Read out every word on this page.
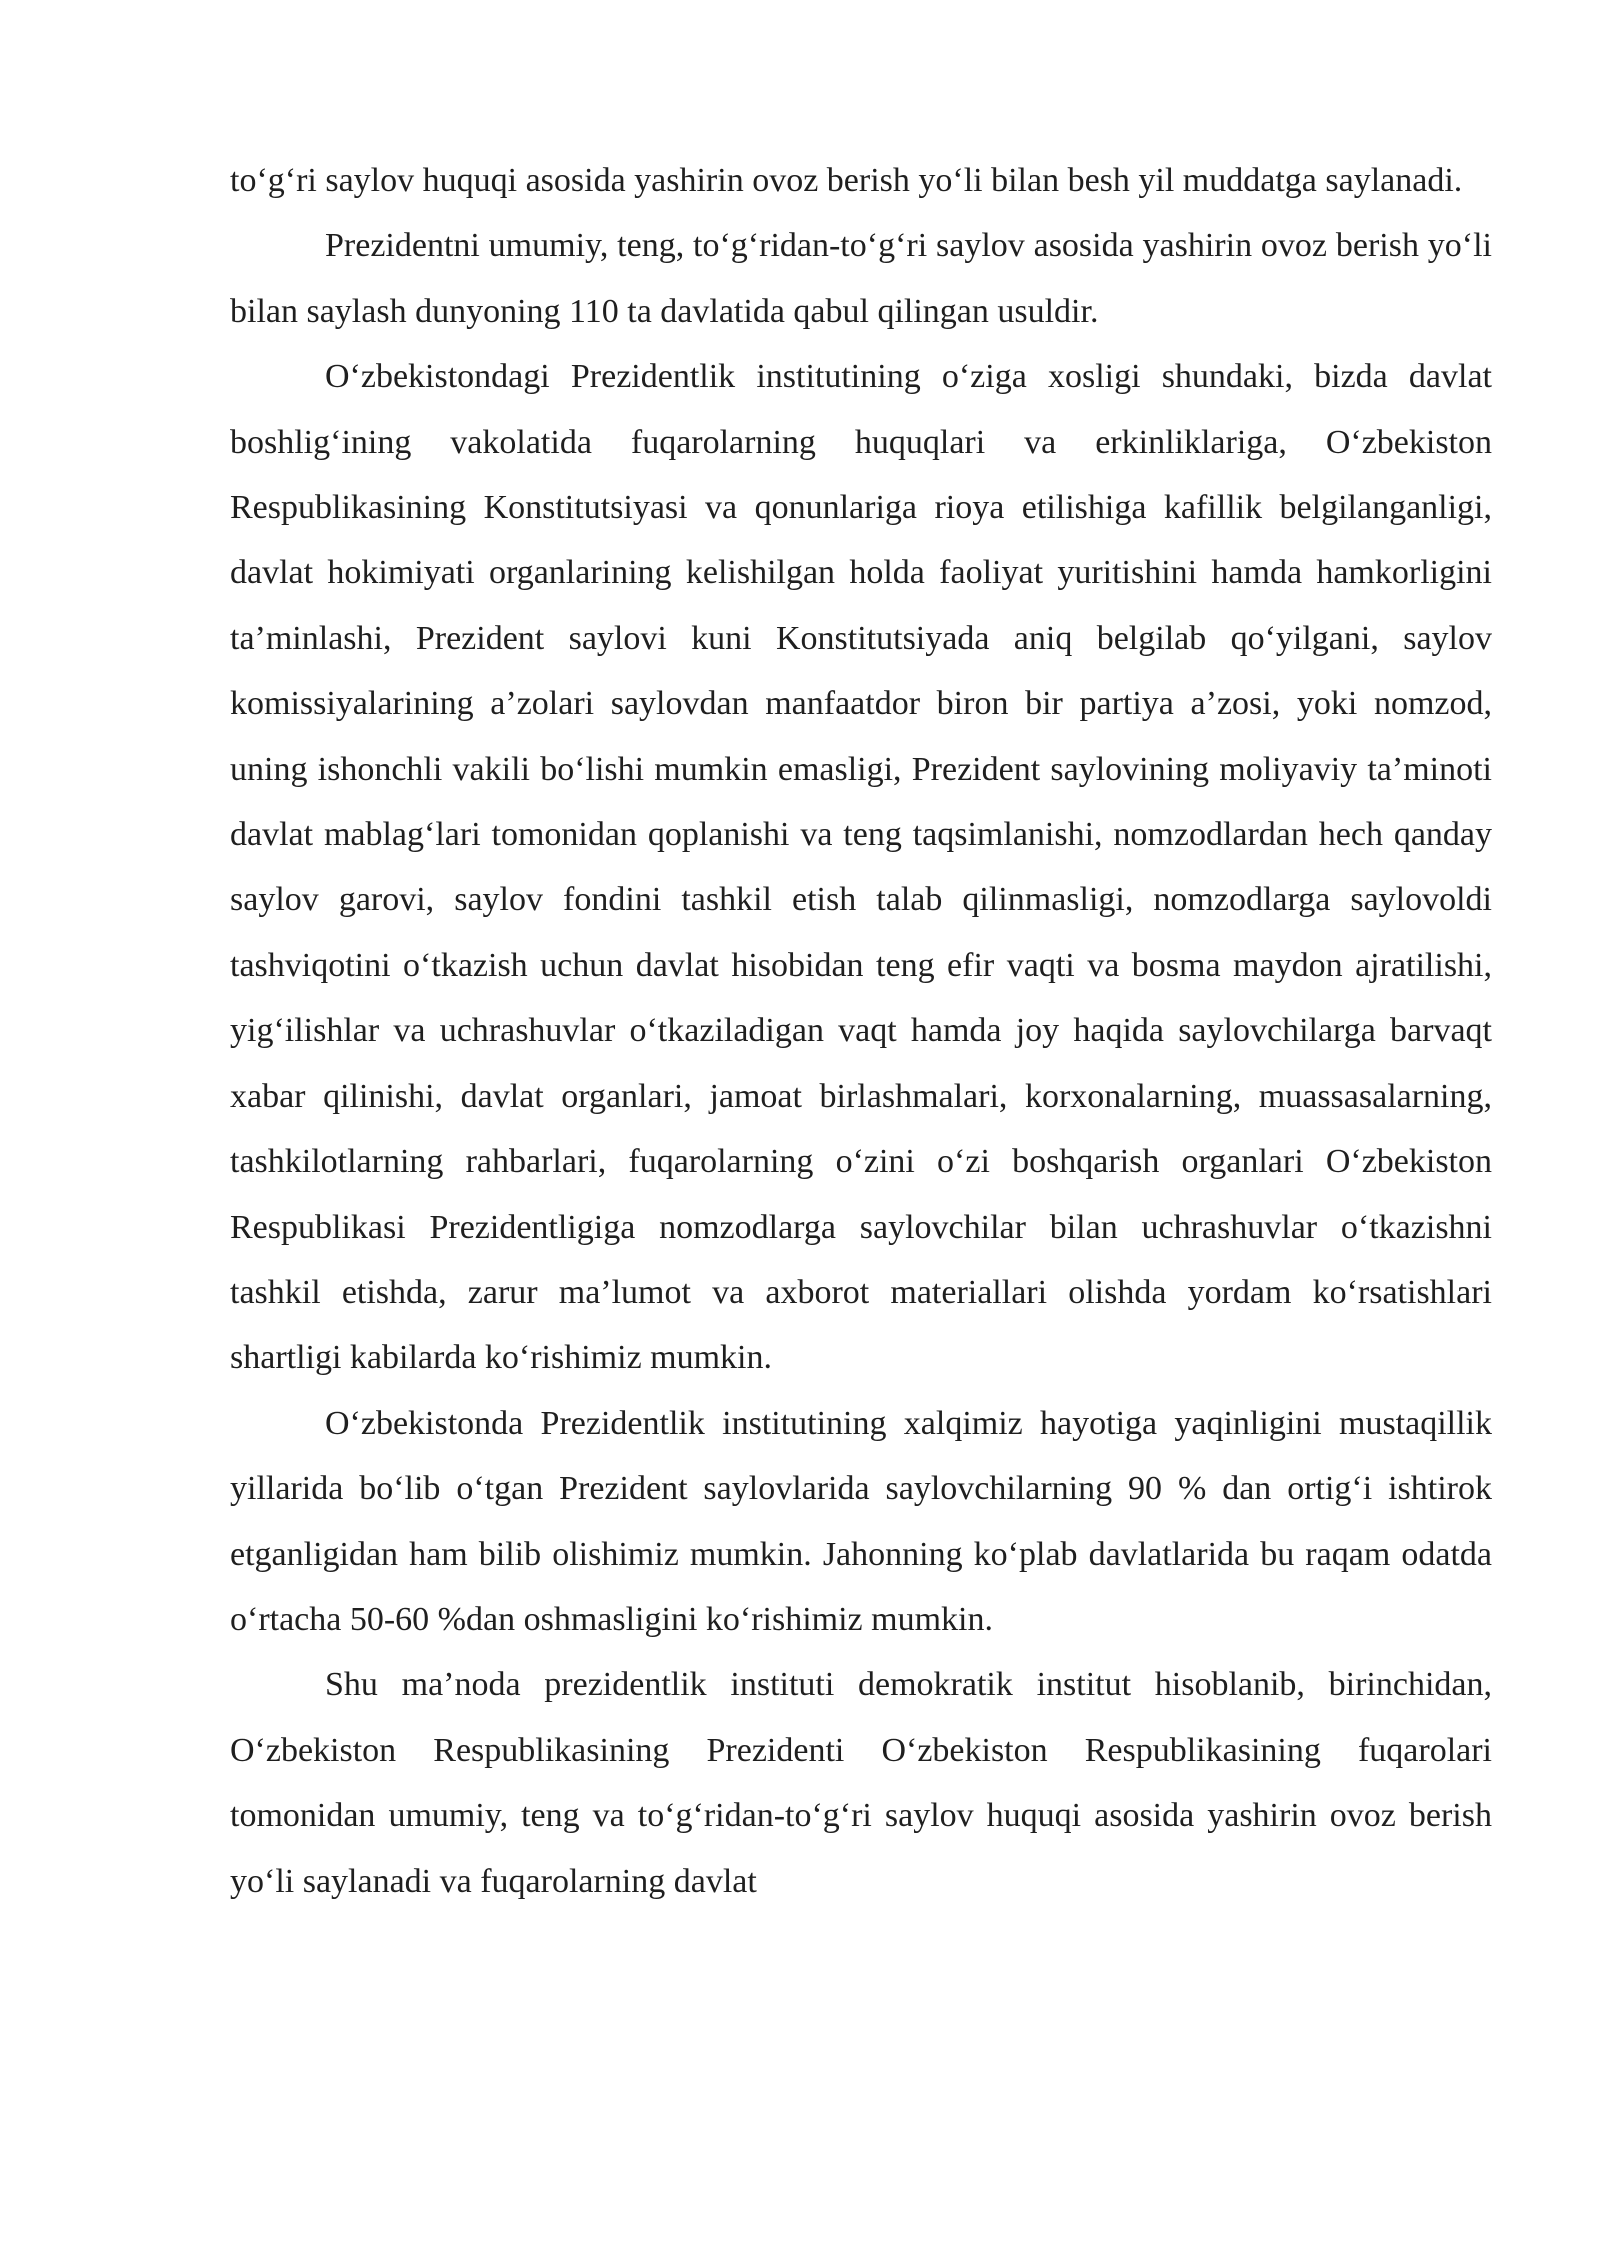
to‘g‘ri saylov huquqi asosida yashirin ovoz berish yo‘li bilan besh yil muddatga saylanadi.

Prezidentni umumiy, teng, to‘g‘ridan-to‘g‘ri saylov asosida yashirin ovoz berish yo‘li bilan saylash dunyoning 110 ta davlatida qabul qilingan usuldir.

O‘zbekistondagi Prezidentlik institutining o‘ziga xosligi shundaki, bizda davlat boshlig‘ining vakolatida fuqarolarning huquqlari va erkinliklariga, O‘zbekiston Respublikasining Konstitutsiyasi va qonunlariga rioya etilishiga kafillik belgilanganligi, davlat hokimiyati organlarining kelishilgan holda faoliyat yuritishini hamda hamkorligini ta’minlashi, Prezident saylovi kuni Konstitutsiyada aniq belgilab qo‘yilgani, saylov komissiyalarining a’zolari saylovdan manfaatdor biron bir partiya a’zosi, yoki nomzod, uning ishonchli vakili bo‘lishi mumkin emasligi, Prezident saylovining moliyaviy ta’minoti davlat mablag‘lari tomonidan qoplanishi va teng taqsimlanishi, nomzodlardan hech qanday saylov garovi, saylov fondini tashkil etish talab qilinmasligi, nomzodlarga saylovoldi tashviqotini o‘tkazish uchun davlat hisobidan teng efir vaqti va bosma maydon ajratilishi, yig‘ilishlar va uchrashuvlar o‘tkaziladigan vaqt hamda joy haqida saylovchilarga barvaqt xabar qilinishi, davlat organlari, jamoat birlashmalari, korxonalarning, muassasalarning, tashkilotlarning rahbarlari, fuqarolarning o‘zini o‘zi boshqarish organlari O‘zbekiston Respublikasi Prezidentligiga nomzodlarga saylovchilar bilan uchrashuvlar o‘tkazishni tashkil etishda, zarur ma’lumot va axborot materiallari olishda yordam ko‘rsatishlari shartligi kabilarda ko‘rishimiz mumkin.

O‘zbekistonda Prezidentlik institutining xalqimiz hayotiga yaqinligini mustaqillik yillarida bo‘lib o‘tgan Prezident saylovlarida saylovchilarning 90 % dan ortig‘i ishtirok etganligidan ham bilib olishimiz mumkin. Jahonning ko‘plab davlatlarida bu raqam odatda o‘rtacha 50-60 %dan oshmasligini ko‘rishimiz mumkin.

Shu ma’noda prezidentlik instituti demokratik institut hisoblanib, birinchidan, O‘zbekiston Respublikasining Prezidenti O‘zbekiston Respublikasining fuqarolari tomonidan umumiy, teng va to‘g‘ridan-to‘g‘ri saylov huquqi asosida yashirin ovoz berish yo‘li saylanadi va fuqarolarning davlat
